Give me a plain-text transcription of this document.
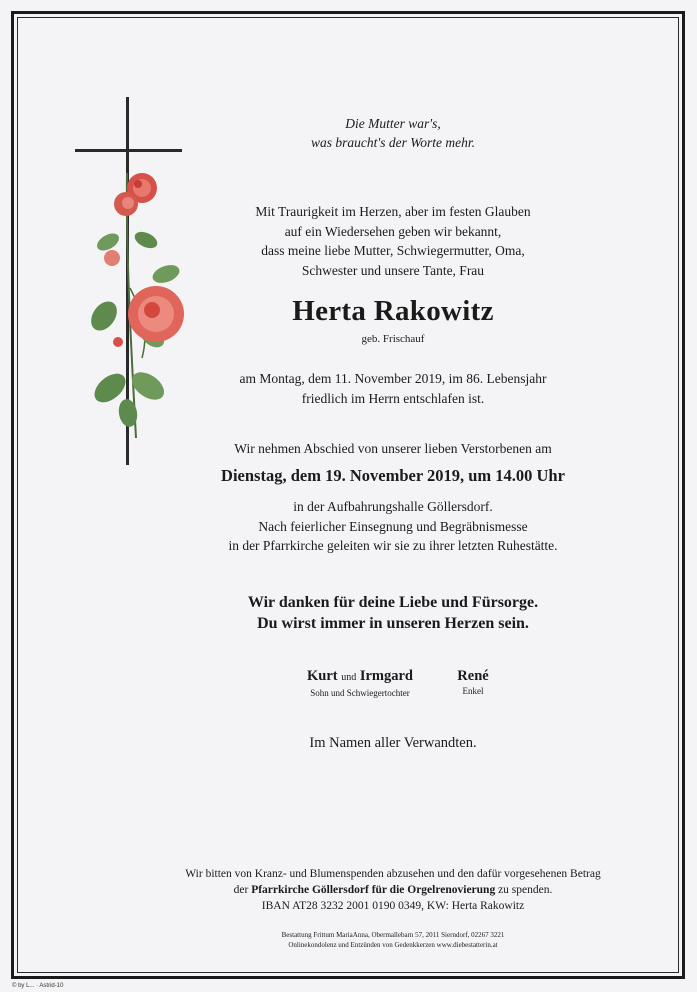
Die Mutter war's,
was braucht's der Worte mehr.
Mit Traurigkeit im Herzen, aber im festen Glauben
auf ein Wiedersehen geben wir bekannt,
dass meine liebe Mutter, Schwiegermutter, Oma,
Schwester und unsere Tante, Frau
Herta Rakowitz
geb. Frischauf
am Montag, dem 11. November 2019, im 86. Lebensjahr
friedlich im Herrn entschlafen ist.
Wir nehmen Abschied von unserer lieben Verstorbenen am
Dienstag, dem 19. November 2019, um 14.00 Uhr
in der Aufbahrungshalle Göllersdorf.
Nach feierlicher Einsegnung und Begräbnismesse
in der Pfarrkirche geleiten wir sie zu ihrer letzten Ruhestätte.
Wir danken für deine Liebe und Fürsorge.
Du wirst immer in unseren Herzen sein.
Kurt und Irmgard
Sohn und Schwiegertochter
René
Enkel
Im Namen aller Verwandten.
Wir bitten von Kranz- und Blumenspenden abzusehen und den dafür vorgesehenen Betrag
der Pfarrkirche Göllersdorf für die Orgelrenovierung zu spenden.
IBAN AT28 3232 2001 0190 0349, KW: Herta Rakowitz
Bestattung Frittum MariaAnna, Obermallebarn 57, 2011 Sierndorf, 02267 3221
Onlinekondolenz und Entzünden von Gedenkkerzen www.diebestatterin.at
© by L... · Astrid-10
